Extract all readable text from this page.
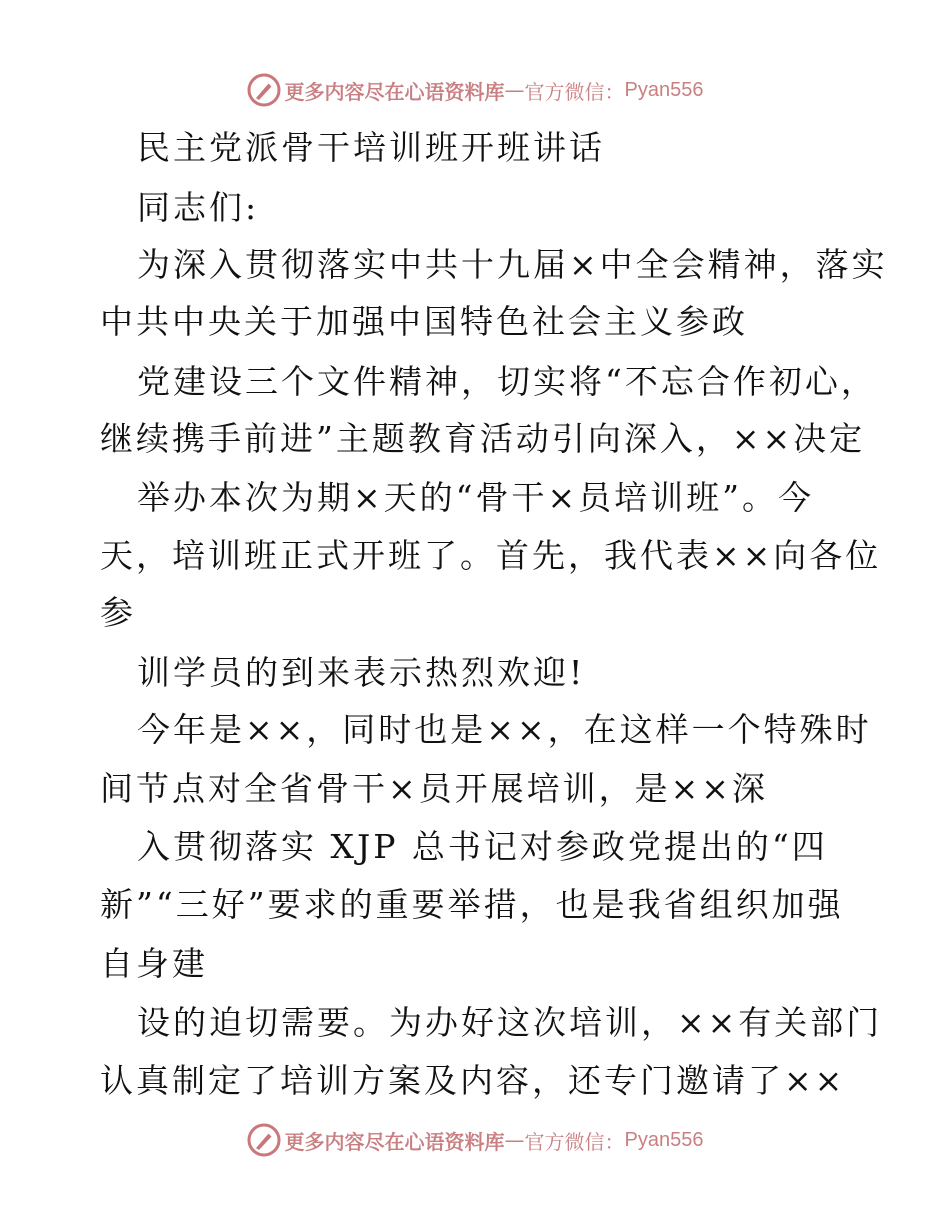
更多内容尽在心语资料库 — 官方微信： Pyan556
民主党派骨干培训班开班讲话
同志们:
为深入贯彻落实中共十九届×中全会精神，落实
中共中央关于加强中国特色社会主义参政
党建设三个文件精神，切实将“不忘合作初心，
继续携手前进”主题教育活动引向深入，××决定
举办本次为期×天的“骨干×员培训班”。今
天，培训班正式开班了。首先，我代表××向各位
参
训学员的到来表示热烈欢迎!
今年是××，同时也是××，在这样一个特殊时
间节点对全省骨干×员开展培训，是××深
入贯彻落实 XJP 总书记对参政党提出的“四
新”“三好”要求的重要举措，也是我省组织加强
自身建
设的迫切需要。为办好这次培训，××有关部门
认真制定了培训方案及内容，还专门邀请了××
更多内容尽在心语资料库 — 官方微信： Pyan556
